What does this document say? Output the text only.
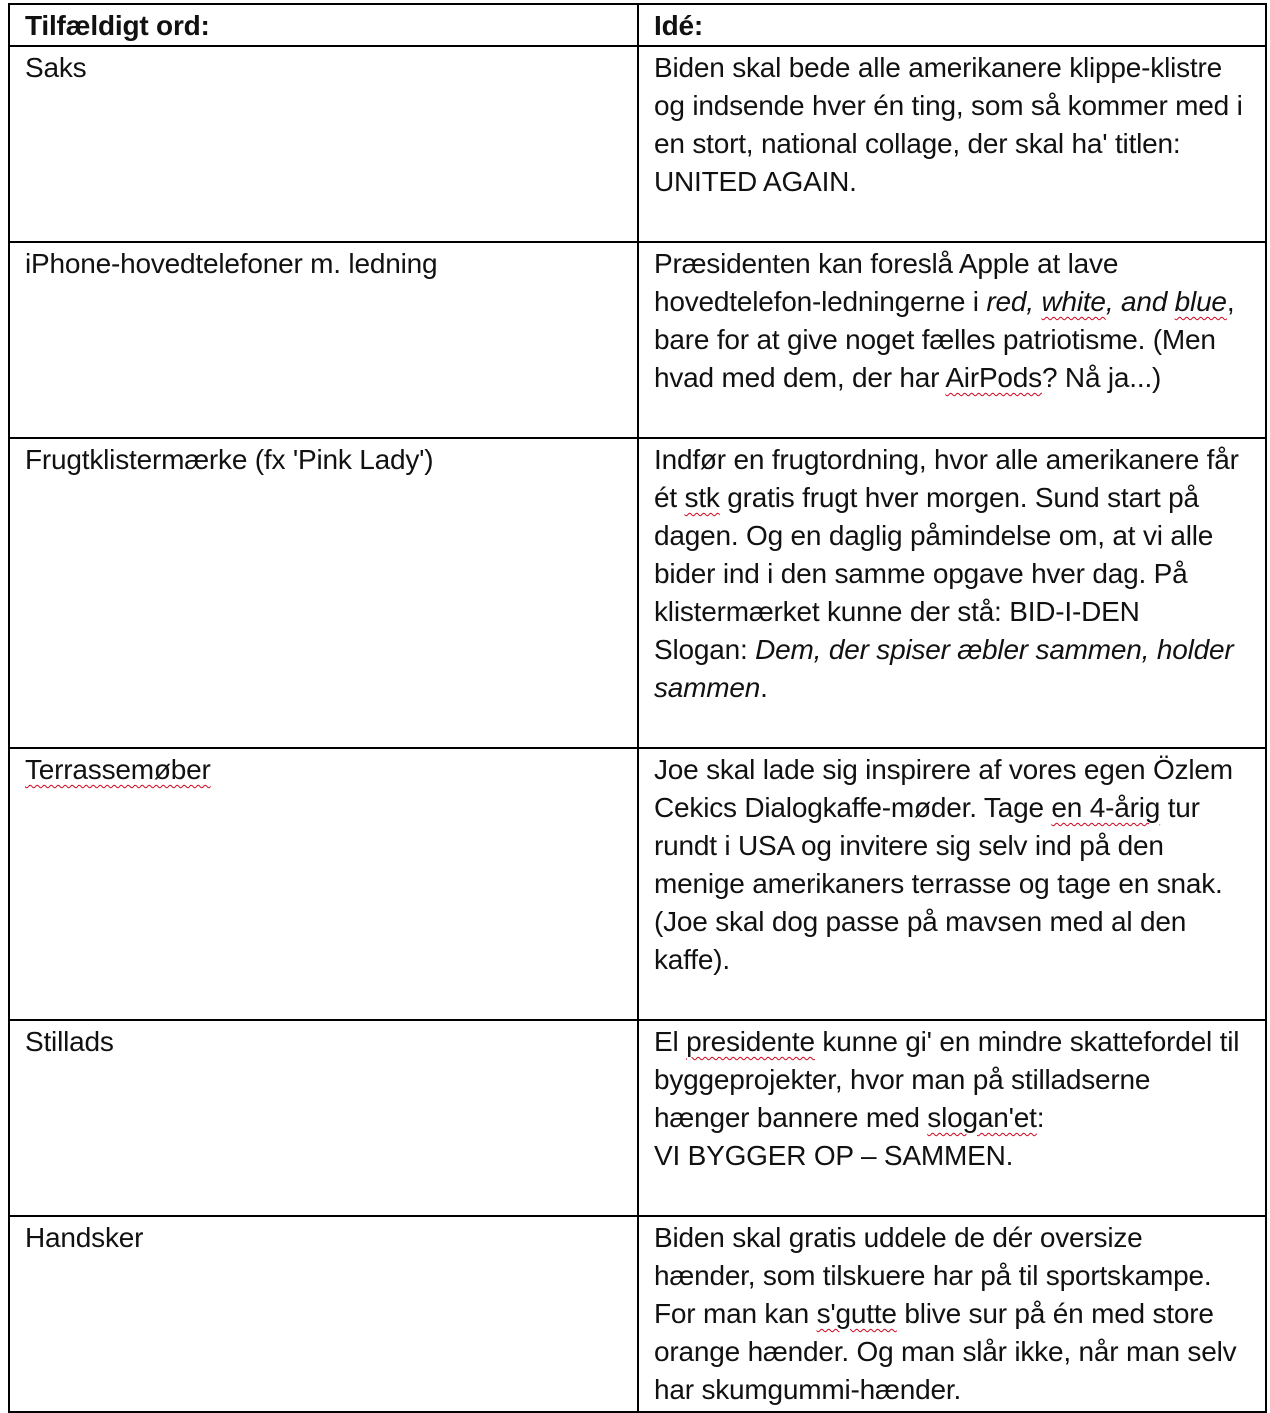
Tilfældigt ord:	Idé:
Saks	Biden skal bede alle amerikanere klippe-klistre og indsende hver én ting, som så kommer med i en stort, national collage, der skal ha' titlen: UNITED AGAIN.
iPhone-hovedtelefoner m. ledning	Præsidenten kan foreslå Apple at lave hovedtelefon-ledningerne i red, white, and blue, bare for at give noget fælles patriotisme. (Men hvad med dem, der har AirPods? Nå ja...)
Frugtklistermærke (fx 'Pink Lady')	Indfør en frugtordning, hvor alle amerikanere får ét stk gratis frugt hver morgen. Sund start på dagen. Og en daglig påmindelse om, at vi alle bider ind i den samme opgave hver dag. På klistermærket kunne der stå: BID-I-DEN
Slogan: Dem, der spiser æbler sammen, holder sammen.

Terrassemøber	Joe skal lade sig inspirere af vores egen Özlem Cekics Dialogkaffe-møder. Tage en 4-årig tur rundt i USA og invitere sig selv ind på den menige amerikaners terrasse og tage en snak. (Joe skal dog passe på mavsen med al den kaffe).
Stillads	El presidente kunne gi' en mindre skattefordel til byggeprojekter, hvor man på stilladserne hænger bannere med slogan'et:
VI BYGGER OP – SAMMEN.

Handsker	Biden skal gratis uddele de dér oversize hænder, som tilskuere har på til sportskampe. For man kan s'gutte blive sur på én med store orange hænder. Og man slår ikke, når man selv har skumgummi-hænder.
